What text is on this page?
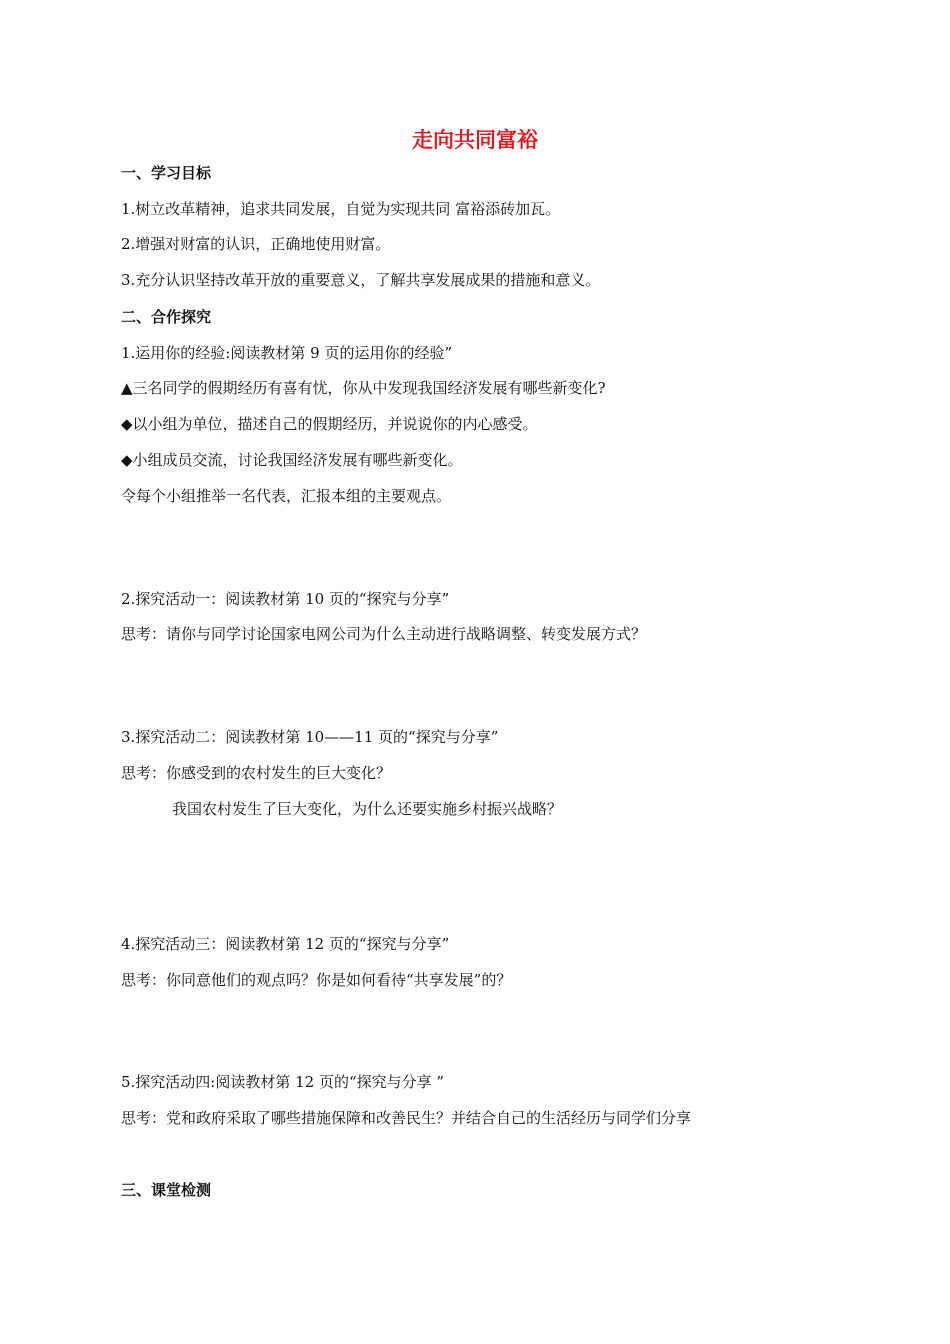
走向共同富裕
一、学习目标
1.树立改革精神，追求共同发展，自觉为实现共同 富裕添砖加瓦。
2.增强对财富的认识，正确地使用财富。
3.充分认识坚持改革开放的重要意义，了解共享发展成果的措施和意义。
二、合作探究
1.运用你的经验:阅读教材第 9 页的运用你的经验”
▲三名同学的假期经历有喜有忧，你从中发现我国经济发展有哪些新变化?
◆以小组为单位，描述自己的假期经历，并说说你的内心感受。
◆小组成员交流，讨论我国经济发展有哪些新变化。
令每个小组推举一名代表，汇报本组的主要观点。
2.探究活动一：阅读教材第 10 页的“探究与分享”
思考：请你与同学讨论国家电网公司为什么主动进行战略调整、转变发展方式？
3.探究活动二：阅读教材第 10——11 页的“探究与分享”
思考：你感受到的农村发生的巨大变化？
我国农村发生了巨大变化，为什么还要实施乡村振兴战略？
4.探究活动三：阅读教材第 12 页的“探究与分享”
思考：你同意他们的观点吗？你是如何看待“共享发展”的？
5.探究活动四:阅读教材第 12 页的“探究与分享 ”
思考：党和政府采取了哪些措施保障和改善民生？并结合自己的生活经历与同学们分享
三、课堂检测
